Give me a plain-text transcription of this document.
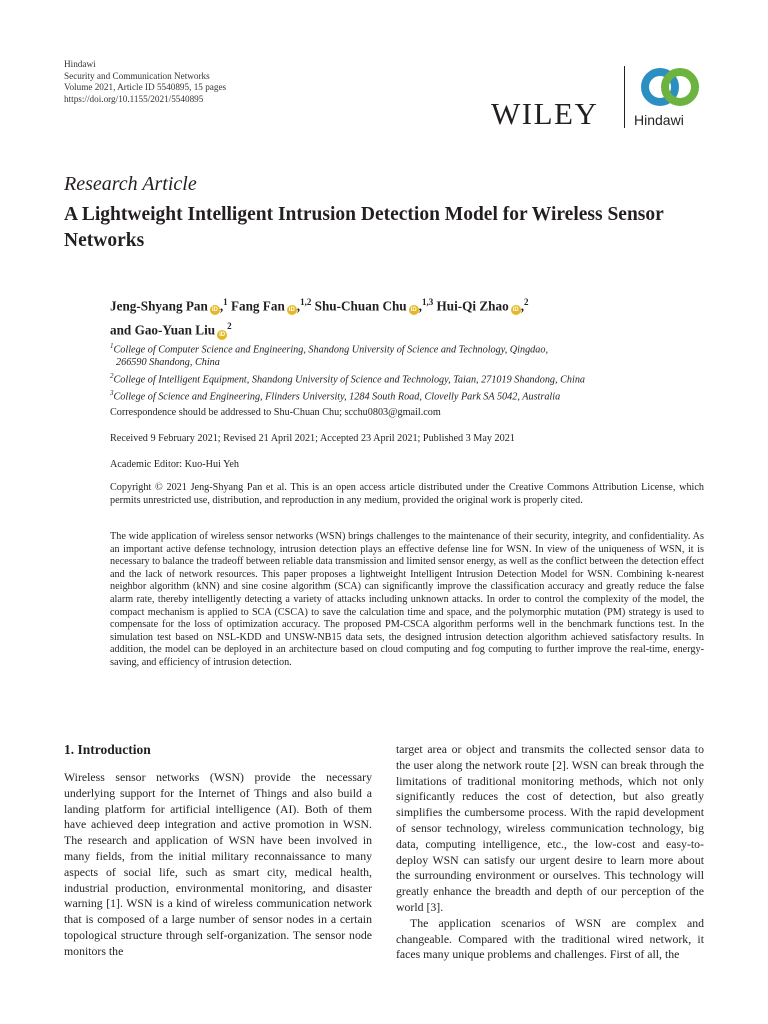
Hindawi
Security and Communication Networks
Volume 2021, Article ID 5540895, 15 pages
https://doi.org/10.1155/2021/5540895	WILEY	Hindawi
Research Article
A Lightweight Intelligent Intrusion Detection Model for Wireless Sensor Networks
Jeng-Shyang Pan iD ,$^1$ Fang Fan iD ,$^{1,2}$ Shu-Chuan Chu iD ,$^{1,3}$ Hui-Qi Zhao iD ,$^2$
and Gao-Yuan Liu $iD^2$
$^1$College of Computer Science and Engineering, Shandong University of Science and Technology, Qingdao,
266590 Shandong, China
$^2$College of Intelligent Equipment, Shandong University of Science and Technology, Taian, 271019 Shandong, China
$^3$College of Science and Engineering, Flinders University, 1284 South Road, Clovelly Park SA 5042, Australia
Correspondence should be addressed to Shu-Chuan Chu; scchu0803@gmail.com
Received 9 February 2021; Revised 21 April 2021; Accepted 23 April 2021; Published 3 May 2021
Academic Editor: Kuo-Hui Yeh
Copyright © 2021 Jeng-Shyang Pan et al. This is an open access article distributed under the Creative Commons Attribution License, which permits unrestricted use, distribution, and reproduction in any medium, provided the original work is properly cited.
The wide application of wireless sensor networks (WSN) brings challenges to the maintenance of their security, integrity, and confidentiality. As an important active defense technology, intrusion detection plays an effective defense line for WSN. In view of the uniqueness of WSN, it is necessary to balance the tradeoff between reliable data transmission and limited sensor energy, as well as the conflict between the detection effect and the lack of network resources. This paper proposes a lightweight Intelligent Intrusion Detection Model for WSN. Combining k-nearest neighbor algorithm (kNN) and sine cosine algorithm (SCA) can significantly improve the classification accuracy and greatly reduce the false alarm rate, thereby intelligently detecting a variety of attacks including unknown attacks. In order to control the complexity of the model, the compact mechanism is applied to SCA (CSCA) to save the calculation time and space, and the polymorphic mutation (PM) strategy is used to compensate for the loss of optimization accuracy. The proposed PM-CSCA algorithm performs well in the benchmark functions test. In the simulation test based on NSL-KDD and UNSW-NB15 data sets, the designed intrusion detection algorithm achieved satisfactory results. In addition, the model can be deployed in an architecture based on cloud computing and fog computing to further improve the real-time, energy-saving, and efficiency of intrusion detection.
1. Introduction

Wireless sensor networks (WSN) provide the necessary underlying support for the Internet of Things and also build a landing platform for artificial intelligence (AI). Both of them have achieved deep integration and active promotion in WSN. The research and application of WSN have been involved in many fields, from the initial military reconnaissance to many aspects of social life, such as smart city, medical health, industrial production, environmental monitoring, and disaster warning [1]. WSN is a kind of wireless communication network that is composed of a large number of sensor nodes in a certain topological structure through self-organization. The sensor node monitors the

target area or object and transmits the collected sensor data to the user along the network route [2]. WSN can break through the limitations of traditional monitoring methods, which not only significantly reduces the cost of detection, but also greatly simplifies the cumbersome process. With the rapid development of sensor technology, wireless communication technology, big data, computing intelligence, etc., the low-cost and easy-to-deploy WSN can satisfy our urgent desire to learn more about the surrounding environment or ourselves. This technology will greatly enhance the breadth and depth of our perception of the world [3].

The application scenarios of WSN are complex and changeable. Compared with the traditional wired network, it faces many unique problems and challenges. First of all, the
